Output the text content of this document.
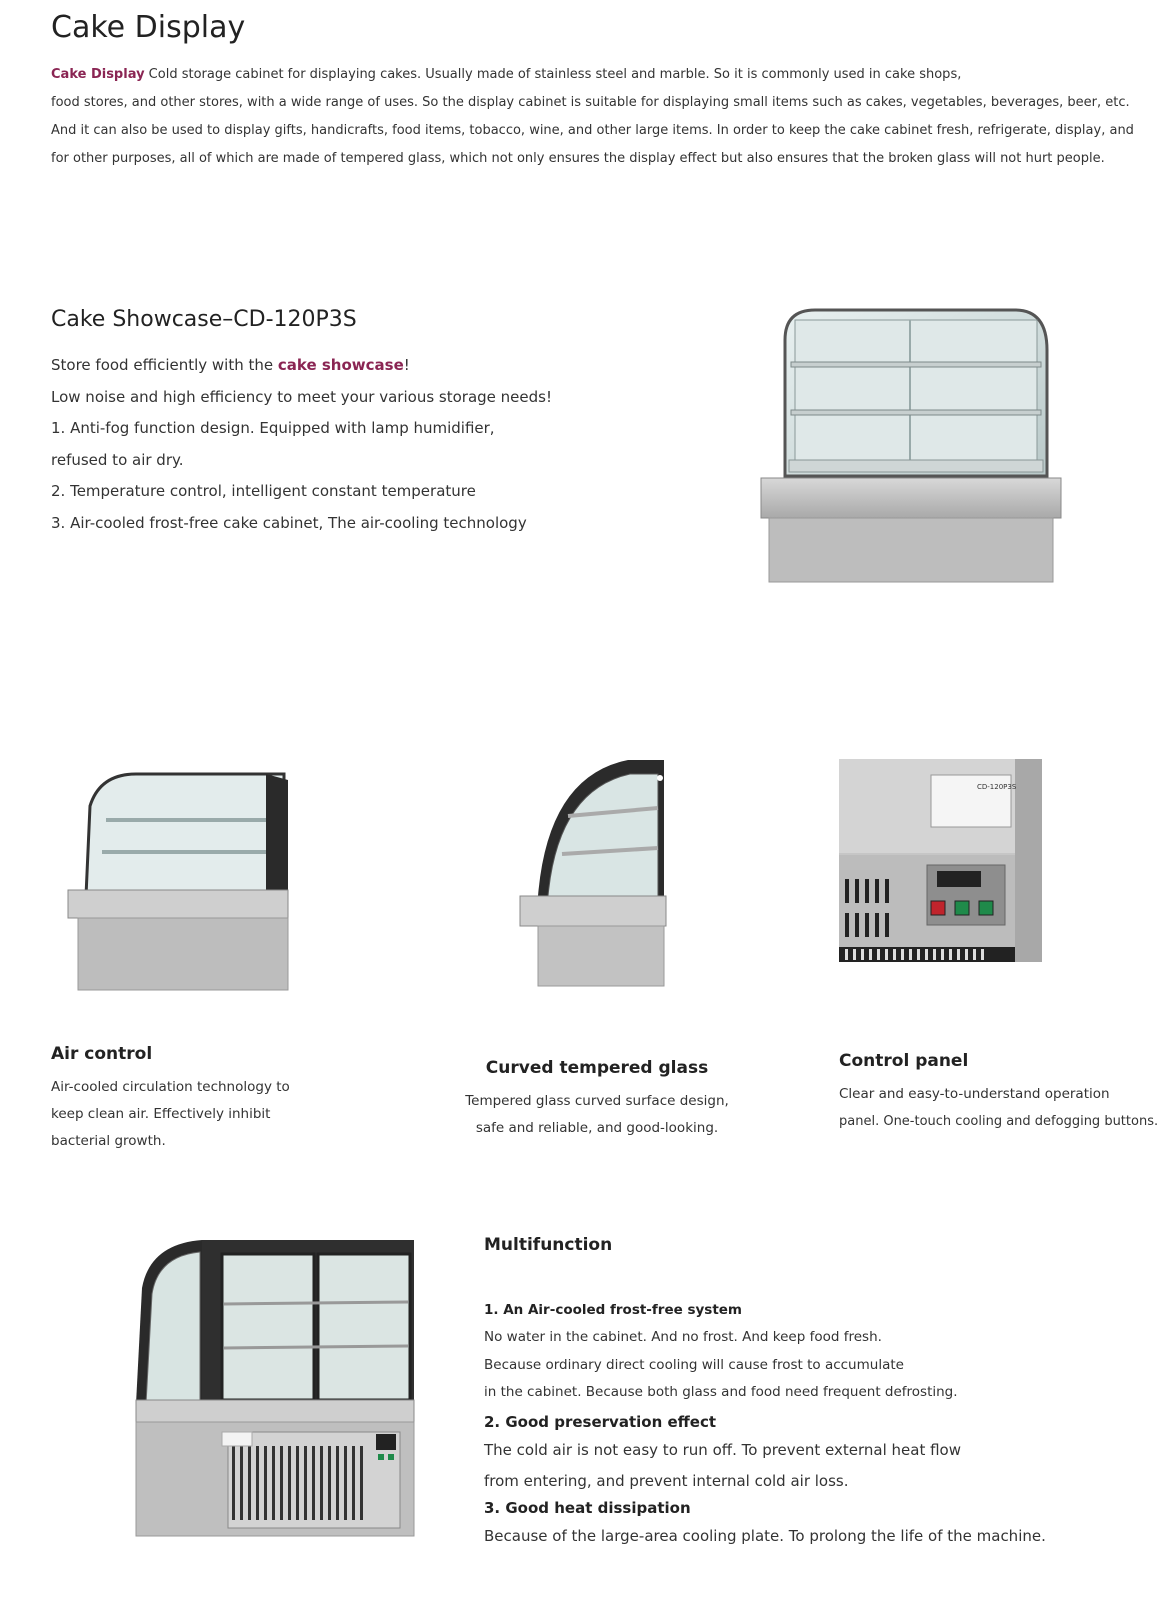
Cake Display

Cake Display Cold storage cabinet for displaying cakes. Usually made of stainless steel and marble. So it is commonly used in cake shops,

food stores, and other stores, with a wide range of uses. So the display cabinet is suitable for displaying small items such as cakes, vegetables, beverages, beer, etc.

And it can also be used to display gifts, handicrafts, food items, tobacco, wine, and other large items. In order to keep the cake cabinet fresh, refrigerate, display, and

for other purposes, all of which are made of tempered glass, which not only ensures the display effect but also ensures that the broken glass will not hurt people.

Cake Showcase–CD-120P3S

Store food efficiently with the cake showcase!

Low noise and high efficiency to meet your various storage needs!

1. Anti-fog function design. Equipped with lamp humidifier,

refused to air dry.

2. Temperature control, intelligent constant temperature

3. Air-cooled frost-free cake cabinet, The air-cooling technology

CD-120P3S

Air control

Air-cooled circulation technology to

keep clean air. Effectively inhibit

bacterial growth.

Curved tempered glass

Tempered glass curved surface design,

safe and reliable, and good-looking.

Control panel

Clear and easy-to-understand operation

panel. One-touch cooling and defogging buttons.

Multifunction

1. An Air-cooled frost-free system

No water in the cabinet. And no frost. And keep food fresh.

Because ordinary direct cooling will cause frost to accumulate

in the cabinet. Because both glass and food need frequent defrosting.

2. Good preservation effect

The cold air is not easy to run off. To prevent external heat flow

from entering, and prevent internal cold air loss.

3. Good heat dissipation

Because of the large-area cooling plate. To prolong the life of the machine.
